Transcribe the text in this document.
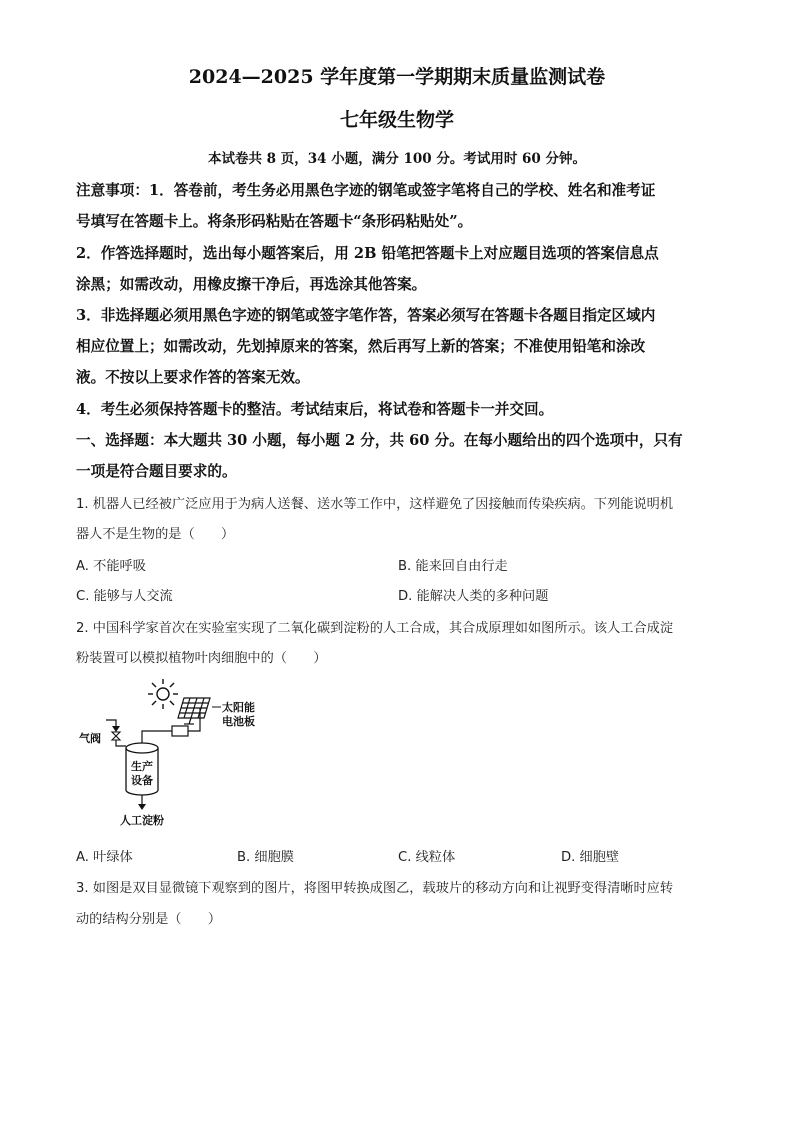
2024—2025 学年度第一学期期末质量监测试卷
七年级生物学
本试卷共 8 页，34 小题，满分 100 分。考试用时 60 分钟。
注意事项：1．答卷前，考生务必用黑色字迹的钢笔或签字笔将自己的学校、姓名和准考证
号填写在答题卡上。将条形码粘贴在答题卡“条形码粘贴处”。
2．作答选择题时，选出每小题答案后，用 2B 铅笔把答题卡上对应题目选项的答案信息点
涂黑；如需改动，用橡皮擦干净后，再选涂其他答案。
3．非选择题必须用黑色字迹的钢笔或签字笔作答，答案必须写在答题卡各题目指定区域内
相应位置上；如需改动，先划掉原来的答案，然后再写上新的答案；不准使用铅笔和涂改
液。不按以上要求作答的答案无效。
4．考生必须保持答题卡的整洁。考试结束后，将试卷和答题卡一并交回。
一、选择题：本大题共 30 小题，每小题 2 分，共 60 分。在每小题给出的四个选项中，只有
一项是符合题目要求的。
1. 机器人已经被广泛应用于为病人送餐、送水等工作中，这样避免了因接触而传染疾病。下列能说明机
器人不是生物的是（　　）
A. 不能呼吸	B. 能来回自由行走
C. 能够与人交流	D. 能解决人类的多种问题
2. 中国科学家首次在实验室实现了二氧化碳到淀粉的人工合成，其合成原理如如图所示。该人工合成淀
粉装置可以模拟植物叶肉细胞中的（　　）
太阳能
电池板
气阀
生产
设备
人工淀粉
A. 叶绿体	B. 细胞膜	C. 线粒体	D. 细胞壁
3. 如图是双目显微镜下观察到的图片，将图甲转换成图乙，载玻片的移动方向和让视野变得清晰时应转
动的结构分别是（　　）
